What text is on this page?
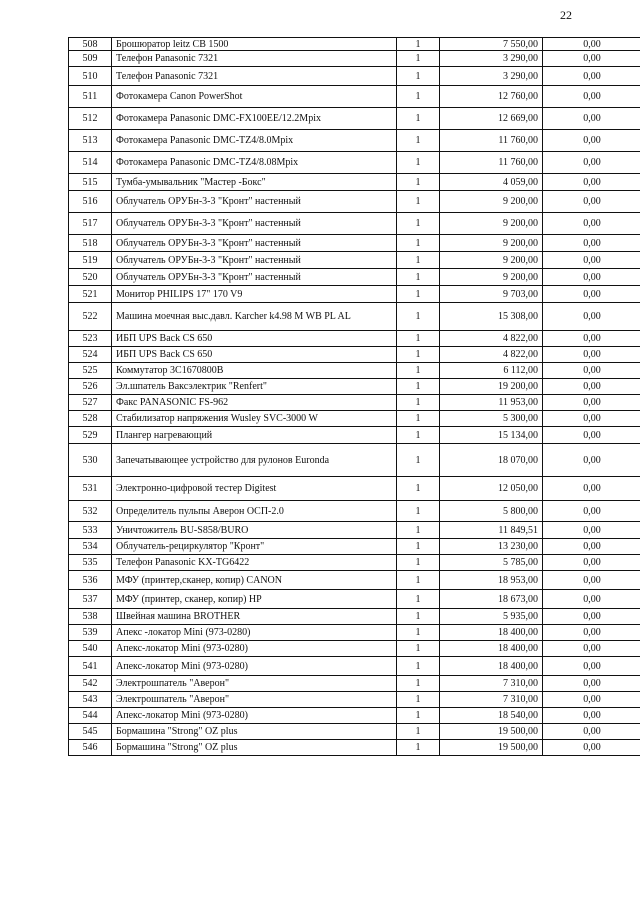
22
508	Брошюратор leitz CB 1500	1	7 550,00	0,00
509	Телефон Panasonic 7321	1	3 290,00	0,00
510	Телефон Panasonic 7321	1	3 290,00	0,00
511	Фотокамера Canon PowerShot	1	12 760,00	0,00
512	Фотокамера Panasonic DMC-FX100EE/12.2Mpix	1	12 669,00	0,00
513	Фотокамера Panasonic DMC-TZ4/8.0Mpix	1	11 760,00	0,00
514	Фотокамера Panasonic DMC-TZ4/8.08Mpix	1	11 760,00	0,00
515	Тумба-умывальник "Мастер -Бокс"	1	4 059,00	0,00
516	Облучатель ОРУБн-3-3 "Кронт" настенный	1	9 200,00	0,00
517	Облучатель ОРУБн-3-3 "Кронт" настенный	1	9 200,00	0,00
518	Облучатель ОРУБн-3-3 "Кронт" настенный	1	9 200,00	0,00
519	Облучатель ОРУБн-3-3 "Кронт" настенный	1	9 200,00	0,00
520	Облучатель ОРУБн-3-3 "Кронт" настенный	1	9 200,00	0,00
521	Монитор PHILIPS 17" 170 V9	1	9 703,00	0,00
522	Машина моечная выс.давл. Karcher k4.98 M WB PL AL	1	15 308,00	0,00
523	ИБП UPS Back CS 650	1	4 822,00	0,00
524	ИБП UPS Back CS 650	1	4 822,00	0,00
525	Коммутатор 3C1670800B	1	6 112,00	0,00
526	Эл.шпатель Ваксэлектрик "Renfert"	1	19 200,00	0,00
527	Факс PANASONIC FS-962	1	11 953,00	0,00
528	Стабилизатор напряжения Wusley SVC-3000 W	1	5 300,00	0,00
529	Плангер нагревающий	1	15 134,00	0,00
530	Запечатывающее устройство для рулонов Euronda	1	18 070,00	0,00
531	Электронно-цифровой тестер Digitest	1	12 050,00	0,00
532	Определитель пульпы Аверон ОСП-2.0	1	5 800,00	0,00
533	Уничтожитель BU-S858/BURO	1	11 849,51	0,00
534	Облучатель-рециркулятор "Кронт"	1	13 230,00	0,00
535	Телефон Panasonic KX-TG6422	1	5 785,00	0,00
536	МФУ (принтер,сканер, копир) CANON	1	18 953,00	0,00
537	МФУ (принтер, сканер, копир) HP	1	18 673,00	0,00
538	Швейная машина BROTHER	1	5 935,00	0,00
539	Апекс -локатор Mini (973-0280)	1	18 400,00	0,00
540	Апекс-локатор Mini (973-0280)	1	18 400,00	0,00
541	Апекс-локатор Mini (973-0280)	1	18 400,00	0,00
542	Электрошпатель "Аверон"	1	7 310,00	0,00
543	Электрошпатель "Аверон"	1	7 310,00	0,00
544	Апекс-локатор Mini (973-0280)	1	18 540,00	0,00
545	Бормашина "Strong" OZ plus	1	19 500,00	0,00
546	Бормашина "Strong" OZ plus	1	19 500,00	0,00
